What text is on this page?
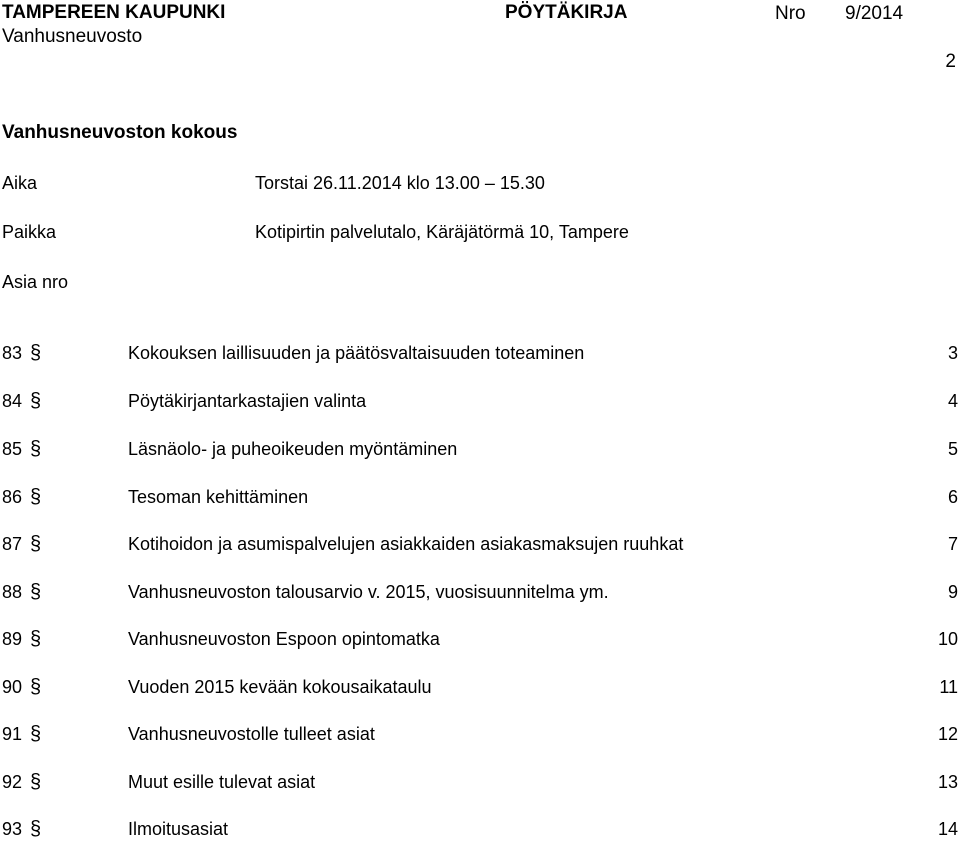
TAMPEREEN KAUPUNKI	PÖYTÄKIRJA	Nro 9/2014
Vanhusneuvosto
2
Vanhusneuvoston kokous
Aika	Torstai 26.11.2014 klo 13.00 – 15.30
Paikka	Kotipirtin palvelutalo, Käräjätörmä 10, Tampere
Asia nro
83 §	Kokouksen laillisuuden ja päätösvaltaisuuden toteaminen	3
84 §	Pöytäkirjantarkastajien valinta	4
85 §	Läsnäolo- ja puheoikeuden myöntäminen	5
86 §	Tesoman kehittäminen	6
87 §	Kotihoidon ja asumispalvelujen asiakkaiden asiakasmaksujen ruuhkat	7
88 §	Vanhusneuvoston talousarvio v. 2015, vuosisuunnitelma ym.	9
89 §	Vanhusneuvoston Espoon opintomatka	10
90 §	Vuoden 2015 kevään kokousaikataulu	11
91 §	Vanhusneuvostolle tulleet asiat	12
92 §	Muut esille tulevat asiat	13
93 §	Ilmoitusasiat	14
